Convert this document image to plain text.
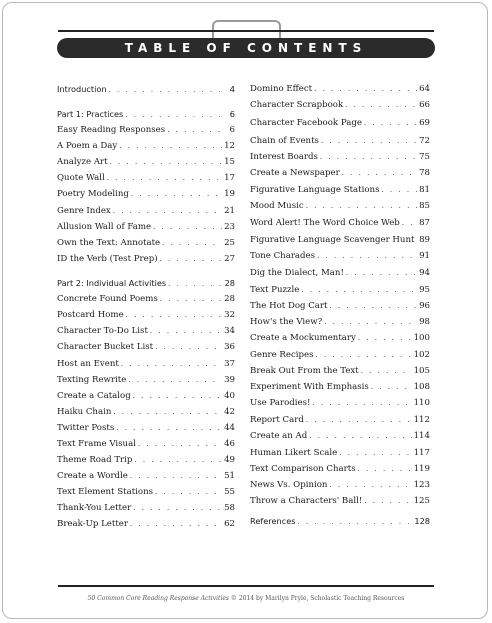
TABLE OF CONTENTS
Introduction . . .	4
Part 1: Practices . . .	6
Easy Reading Responses . . .	6
A Poem a Day . . .	12
Analyze Art . . .	15
Quote Wall . . .	17
Poetry Modeling . . .	19
Genre Index . . .	21
Allusion Wall of Fame . . .	23
Own the Text: Annotate . . .	25
ID the Verb (Test Prep) . . .	27
Part 2: Individual Activities . . .	28
Concrete Found Poems . . .	28
Postcard Home . . .	32
Character To-Do List . . .	34
Character Bucket List . . .	36
Host an Event . . .	37
Texting Rewrite . . .	39
Create a Catalog . . .	40
Haiku Chain . . .	42
Twitter Posts . . .	44
Text Frame Visual . . .	46
Theme Road Trip . . .	49
Create a Wordle . . .	51
Text Element Stations . . .	55
Thank-You Letter . . .	58
Break-Up Letter . . .	62
Domino Effect . . .	64
Character Scrapbook . . .	66
Character Facebook Page . . .	69
Chain of Events . . .	72
Interest Boards . . .	75
Create a Newspaper . . .	78
Figurative Language Stations . . .	81
Mood Music . . .	85
Word Alert! The Word Choice Web . . . 87
Figurative Language Scavenger Hunt . . . 89
Tone Charades . . .	91
Dig the Dialect, Man! . . .	94
Text Puzzle . . .	95
The Hot Dog Cart . . .	96
How's the View? . . .	98
Create a Mockumentary . . .	100
Genre Recipes . . .	102
Break Out From the Text . . .	105
Experiment With Emphasis . . .	108
Use Parodies! . . .	110
Report Card . . .	112
Create an Ad . . .	114
Human Likert Scale . . .	117
Text Comparison Charts . . .	119
News Vs. Opinion . . .	123
Throw a Characters' Ball! . . .	125
References . . .	128
50 Common Core Reading Response Activities © 2014 by Marilyn Pryle, Scholastic Teaching Resources
